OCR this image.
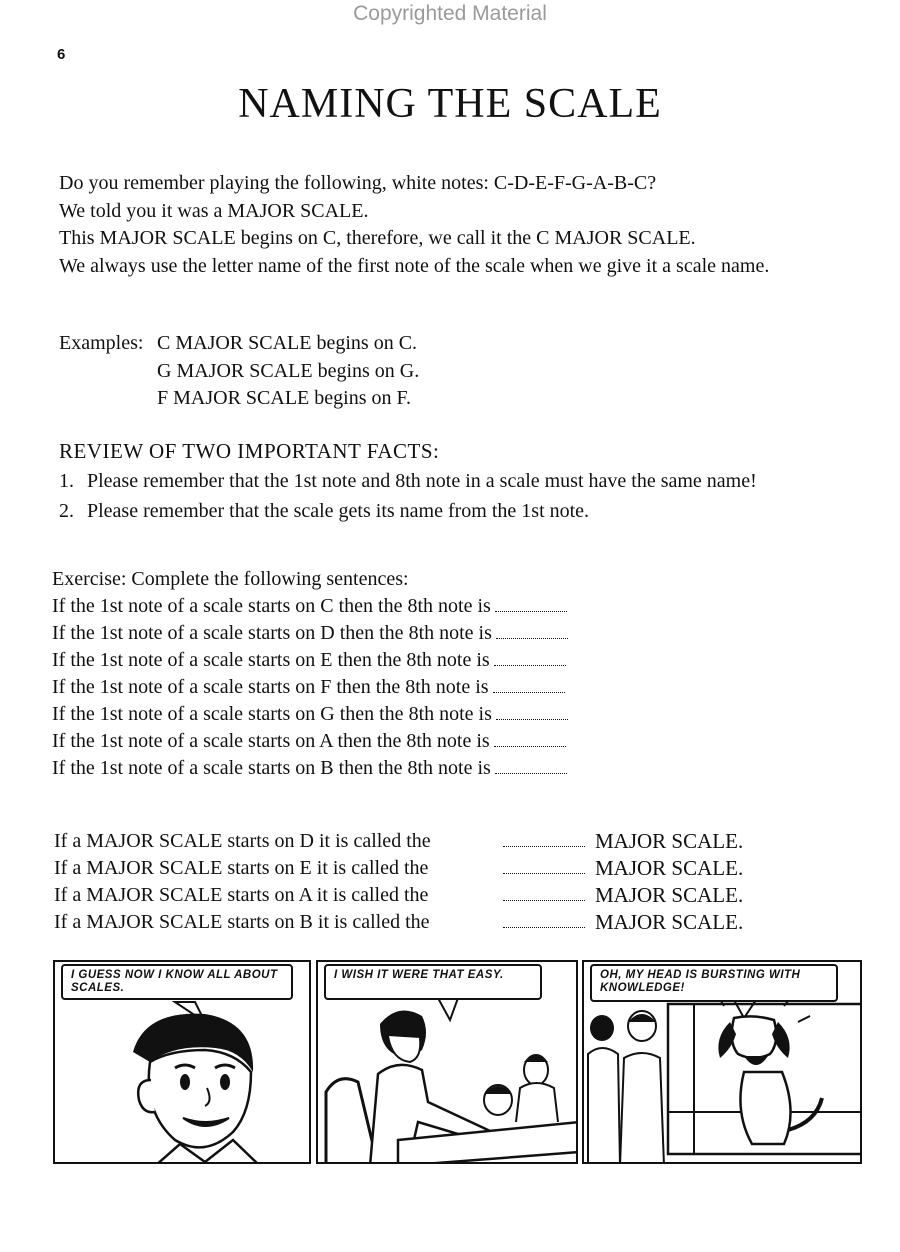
Copyrighted Material
6
NAMING THE SCALE

Do you remember playing the following, white notes: C-D-E-F-G-A-B-C?

We told you it was a MAJOR SCALE.

This MAJOR SCALE begins on C, therefore, we call it the C MAJOR SCALE.

We always use the letter name of the first note of the scale when we give it a scale name.

Examples: C MAJOR SCALE begins on C.
G MAJOR SCALE begins on G.
F MAJOR SCALE begins on F.
REVIEW OF TWO IMPORTANT FACTS:
1. Please remember that the 1st note and 8th note in a scale must have the same name!
2. Please remember that the scale gets its name from the 1st note.
Exercise: Complete the following sentences:
If the 1st note of a scale starts on C then the 8th note is
If the 1st note of a scale starts on D then the 8th note is
If the 1st note of a scale starts on E then the 8th note is
If the 1st note of a scale starts on F then the 8th note is
If the 1st note of a scale starts on G then the 8th note is
If the 1st note of a scale starts on A then the 8th note is
If the 1st note of a scale starts on B then the 8th note is
If a MAJOR SCALE starts on D it is called the	MAJOR SCALE.
If a MAJOR SCALE starts on E it is called the	MAJOR SCALE.
If a MAJOR SCALE starts on A it is called the	MAJOR SCALE.
If a MAJOR SCALE starts on B it is called the	MAJOR SCALE.
I GUESS NOW I KNOW ALL ABOUT SCALES.
I WISH IT WERE THAT EASY.	OH, MY HEAD IS BURSTING WITH KNOWLEDGE!
